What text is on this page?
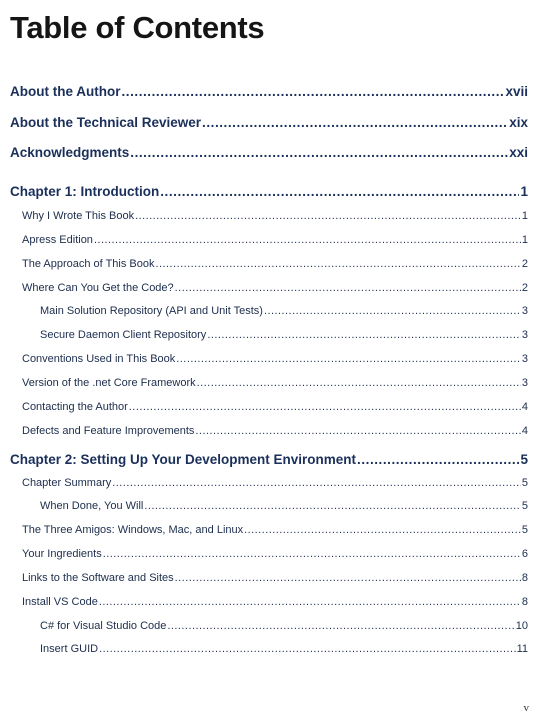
Table of Contents
About the Author . . .	xvii
About the Technical Reviewer . . .	xix
Acknowledgments . . .	xxi
Chapter 1: Introduction . . .	1
Why I Wrote This Book . . .	1
Apress Edition . . .	1
The Approach of This Book . . .	2
Where Can You Get the Code? . . .	2
Main Solution Repository (API and Unit Tests) . . .	3
Secure Daemon Client Repository . . .	3
Conventions Used in This Book . . .	3
Version of the .net Core Framework . . .	3
Contacting the Author . . .	4
Defects and Feature Improvements . . .	4
Chapter 2: Setting Up Your Development Environment . . .	5
Chapter Summary . . .	5
When Done, You Will . . .	5
The Three Amigos: Windows, Mac, and Linux . . .	5
Your Ingredients . . .	6
Links to the Software and Sites . . .	8
Install VS Code . . .	8
C# for Visual Studio Code . . .	10
Insert GUID . . .	11
v
